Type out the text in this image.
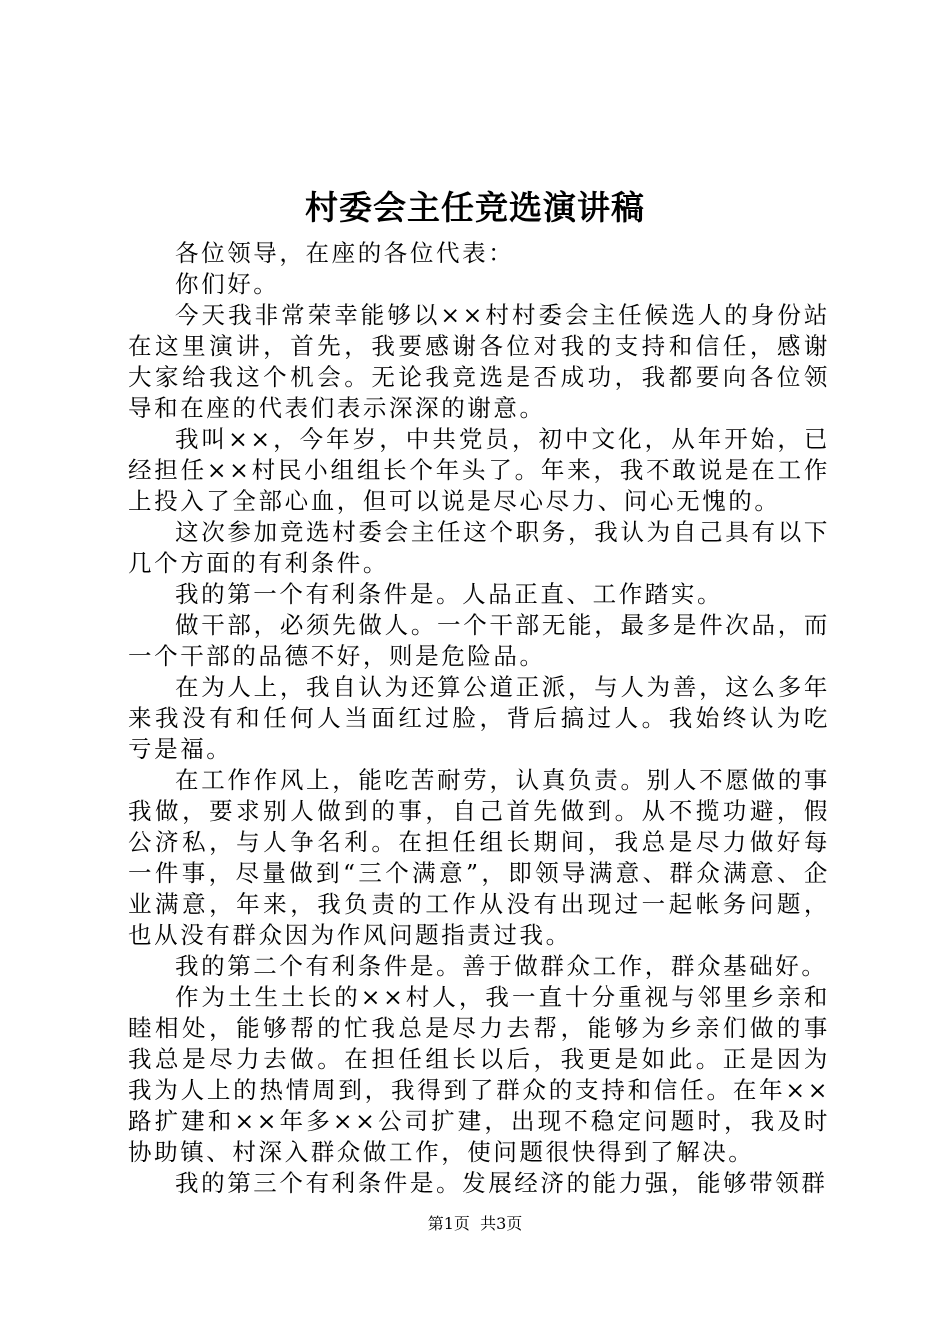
村委会主任竞选演讲稿

各位领导，在座的各位代表：

你们好。

今天我非常荣幸能够以××村村委会主任候选人的身份站在这里演讲，首先，我要感谢各位对我的支持和信任，感谢大家给我这个机会。无论我竞选是否成功，我都要向各位领导和在座的代表们表示深深的谢意。

我叫××，今年岁，中共党员，初中文化，从年开始，已经担任××村民小组组长个年头了。年来，我不敢说是在工作上投入了全部心血，但可以说是尽心尽力、问心无愧的。

这次参加竞选村委会主任这个职务，我认为自己具有以下几个方面的有利条件。

我的第一个有利条件是。人品正直、工作踏实。

做干部，必须先做人。一个干部无能，最多是件次品，而一个干部的品德不好，则是危险品。

在为人上，我自认为还算公道正派，与人为善，这么多年来我没有和任何人当面红过脸，背后搞过人。我始终认为吃亏是福。

在工作作风上，能吃苦耐劳，认真负责。别人不愿做的事我做，要求别人做到的事，自己首先做到。从不揽功避，假公济私，与人争名利。在担任组长期间，我总是尽力做好每一件事，尽量做到“三个满意”，即领导满意、群众满意、企业满意，年来，我负责的工作从没有出现过一起帐务问题，也从没有群众因为作风问题指责过我。

我的第二个有利条件是。善于做群众工作，群众基础好。

作为土生土长的××村人，我一直十分重视与邻里乡亲和睦相处，能够帮的忙我总是尽力去帮，能够为乡亲们做的事我总是尽力去做。在担任组长以后，我更是如此。正是因为我为人上的热情周到，我得到了群众的支持和信任。在年××路扩建和××年多××公司扩建，出现不稳定问题时，我及时协助镇、村深入群众做工作，使问题很快得到了解决。

我的第三个有利条件是。发展经济的能力强，能够带领群

第1页 共3页
